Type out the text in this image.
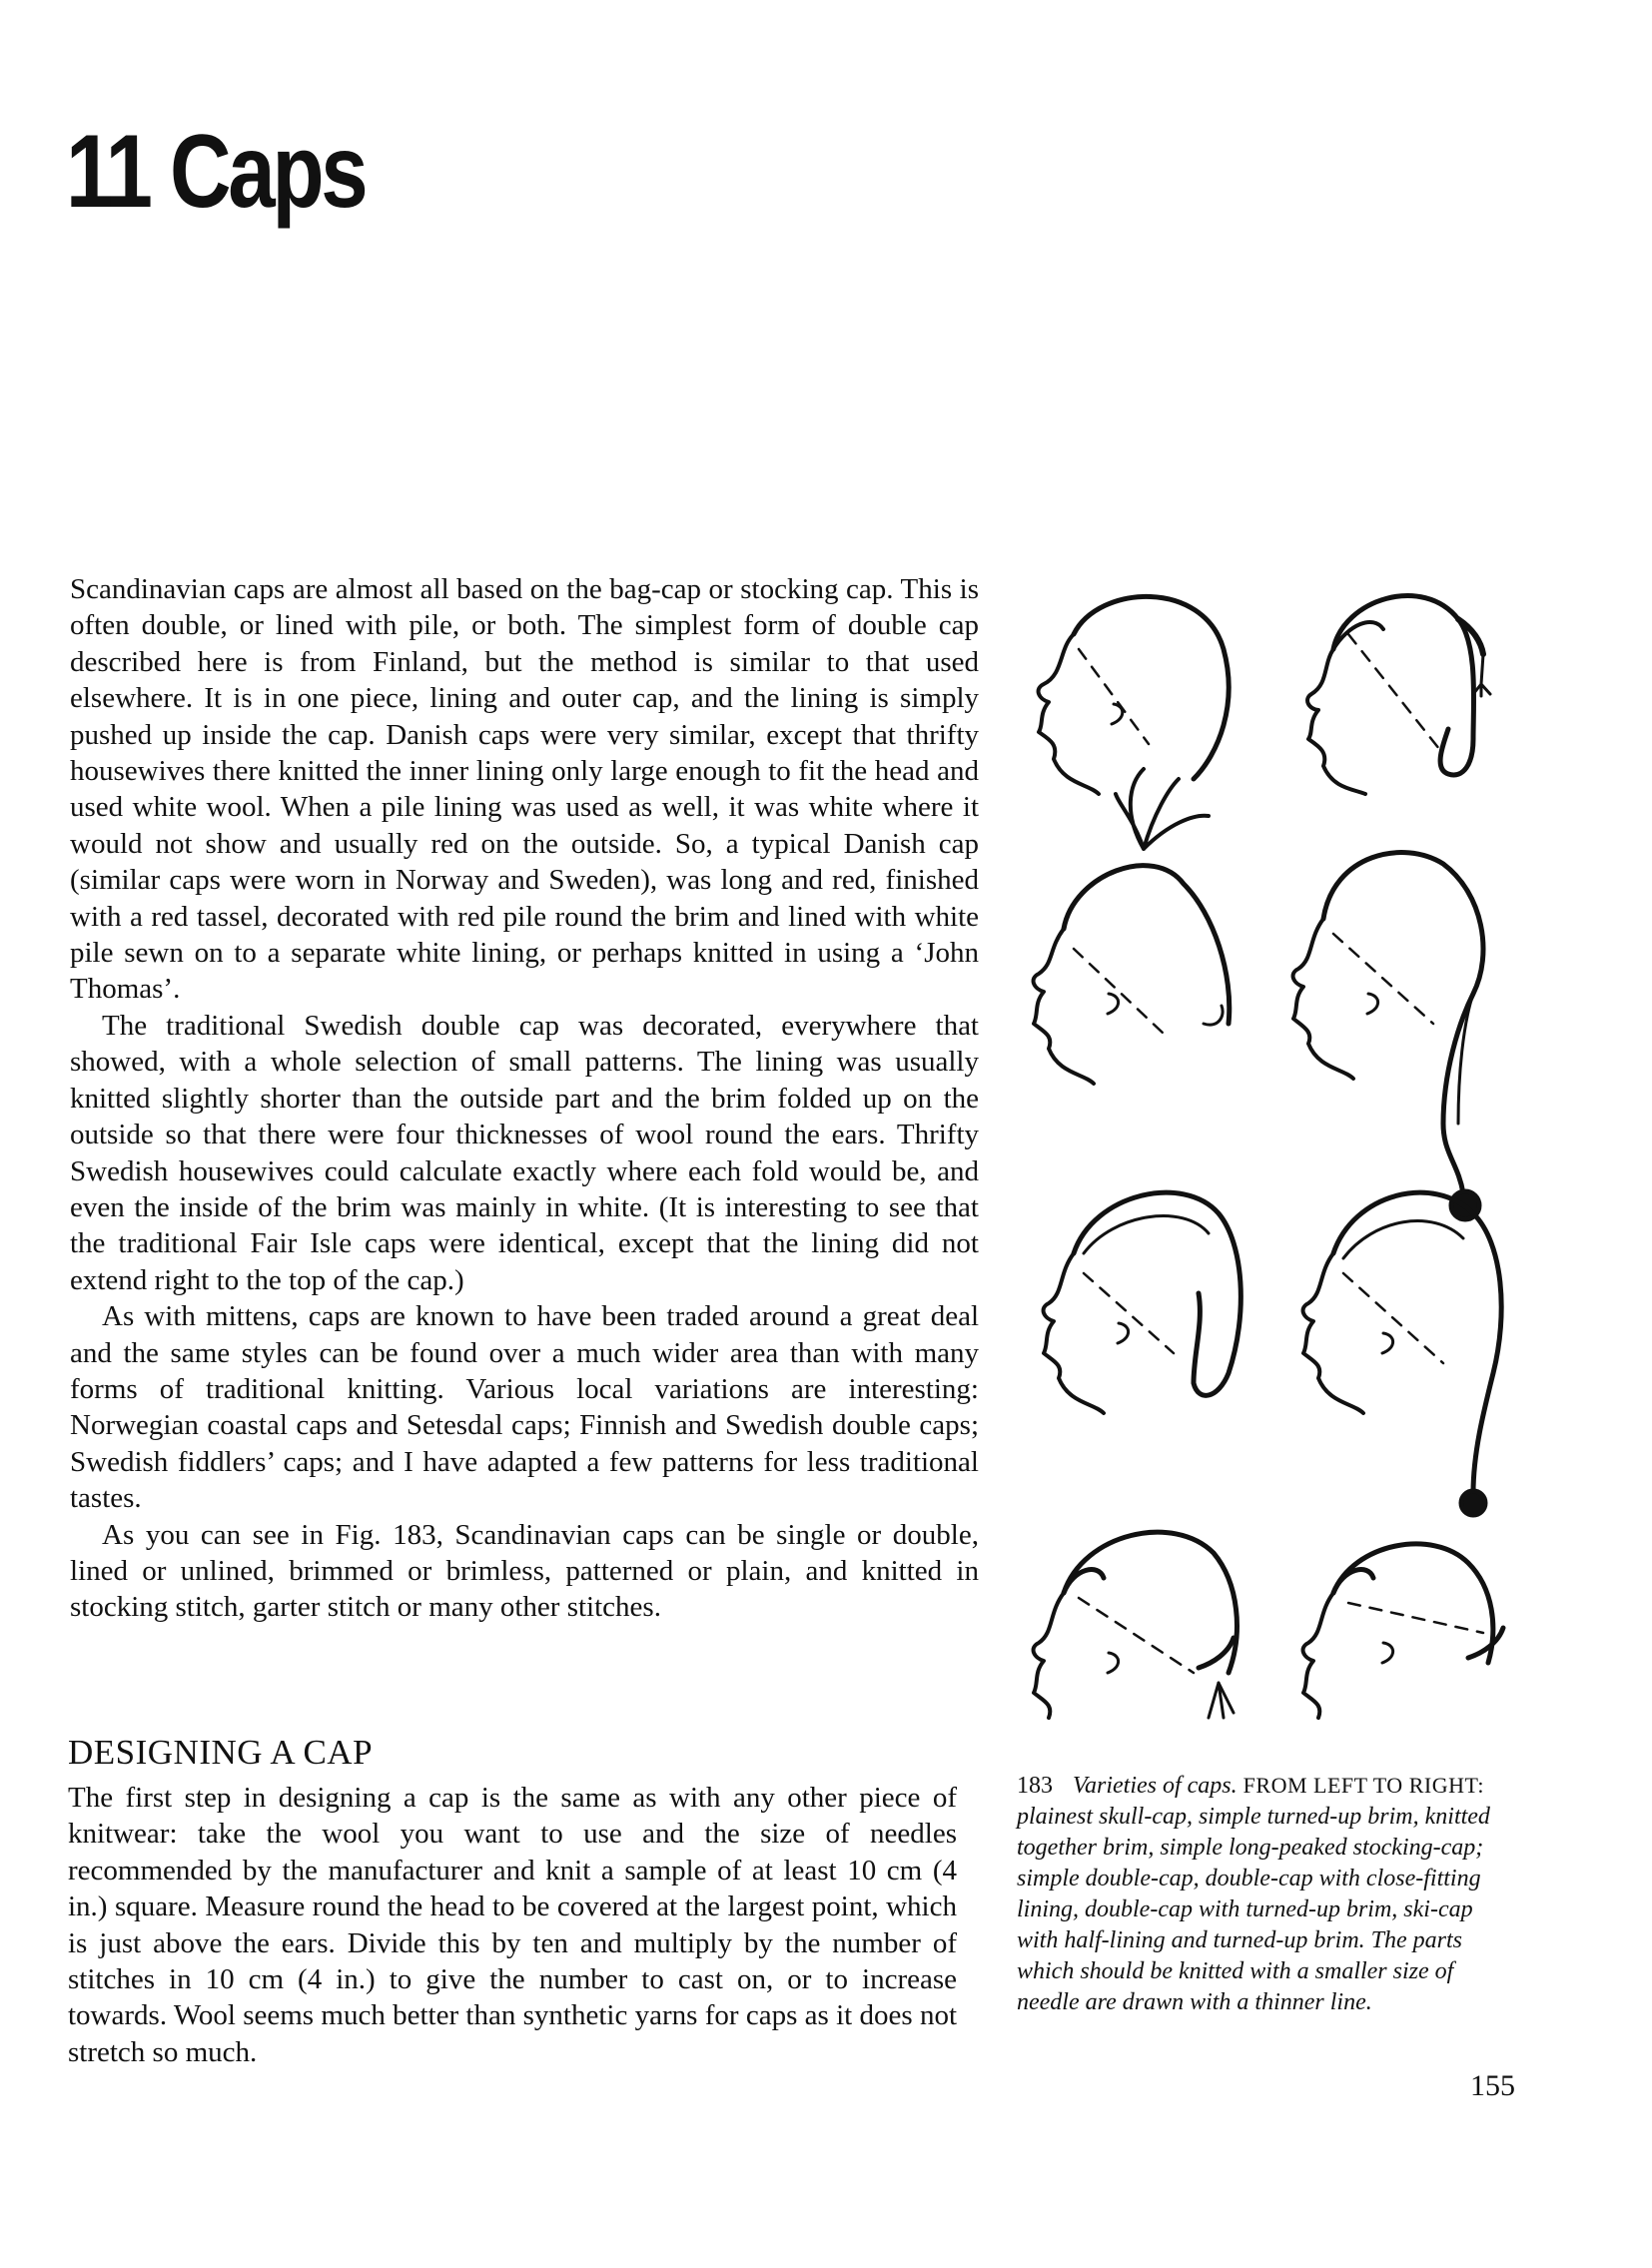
11 Caps

Scandinavian caps are almost all based on the bag-cap or stocking cap. This is often double, or lined with pile, or both. The simplest form of double cap described here is from Finland, but the method is similar to that used elsewhere. It is in one piece, lining and outer cap, and the lining is simply pushed up inside the cap. Danish caps were very similar, except that thrifty housewives there knitted the inner lining only large enough to fit the head and used white wool. When a pile lining was used as well, it was white where it would not show and usually red on the outside. So, a typical Danish cap (similar caps were worn in Norway and Sweden), was long and red, finished with a red tassel, decorated with red pile round the brim and lined with white pile sewn on to a separate white lining, or perhaps knitted in using a ‘John Thomas’.

The traditional Swedish double cap was decorated, everywhere that showed, with a whole selection of small patterns. The lining was usually knitted slightly shorter than the outside part and the brim folded up on the outside so that there were four thicknesses of wool round the ears. Thrifty Swedish housewives could calculate exactly where each fold would be, and even the inside of the brim was mainly in white. (It is interesting to see that the traditional Fair Isle caps were identical, except that the lining did not extend right to the top of the cap.)

As with mittens, caps are known to have been traded around a great deal and the same styles can be found over a much wider area than with many forms of traditional knitting. Various local variations are interesting: Norwegian coastal caps and Setesdal caps; Finnish and Swedish double caps; Swedish fiddlers’ caps; and I have adapted a few patterns for less traditional tastes.

As you can see in Fig. 183, Scandinavian caps can be single or double, lined or unlined, brimmed or brimless, patterned or plain, and knitted in stocking stitch, garter stitch or many other stitches.

DESIGNING A CAP

The first step in designing a cap is the same as with any other piece of knitwear: take the wool you want to use and the size of needles recommended by the manufacturer and knit a sample of at least 10 cm (4 in.) square. Measure round the head to be covered at the largest point, which is just above the ears. Divide this by ten and multiply by the number of stitches in 10 cm (4 in.) to give the number to cast on, or to increase towards. Wool seems much better than synthetic yarns for caps as it does not stretch so much.

183 Varieties of caps. FROM LEFT TO RIGHT: plainest skull-cap, simple turned-up brim, knitted together brim, simple long-peaked stocking-cap; simple double-cap, double-cap with close-fitting lining, double-cap with turned-up brim, ski-cap with half-lining and turned-up brim. The parts which should be knitted with a smaller size of needle are drawn with a thinner line.

155
